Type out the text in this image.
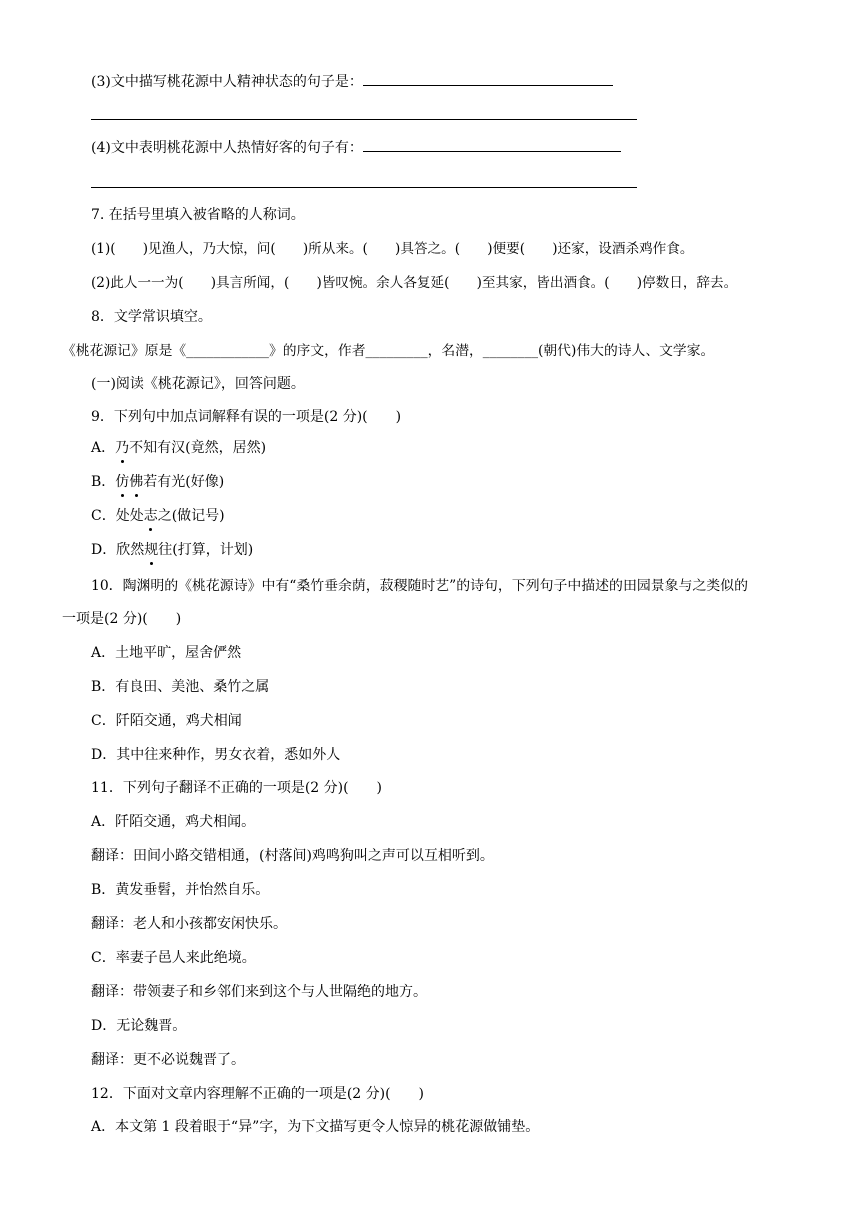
(3)文中描写桃花源中人精神状态的句子是：
(4)文中表明桃花源中人热情好客的句子有：
7. 在括号里填入被省略的人称词。
(1)(　　)见渔人，乃大惊，问(　　)所从来。(　　)具答之。(　　)便要(　　)还家，设酒杀鸡作食。
(2)此人一一为(　　)具言所闻，(　　)皆叹惋。余人各复延(　　)至其家，皆出酒食。(　　)停数日，辞去。
8．文学常识填空。
《桃花源记》原是《____________》的序文，作者_________，名潜，________(朝代)伟大的诗人、文学家。
(一)阅读《桃花源记》，回答问题。
9．下列句中加点词解释有误的一项是(2 分)(　　)
A．乃不知有汉(竟然，居然)
B．仿佛若有光(好像)
C．处处志之(做记号)
D．欣然规往(打算，计划)
10．陶渊明的《桃花源诗》中有“桑竹垂余荫，菽稷随时艺”的诗句，下列句子中描述的田园景象与之类似的
一项是(2 分)(　　)
A．土地平旷，屋舍俨然
B．有良田、美池、桑竹之属
C．阡陌交通，鸡犬相闻
D．其中往来种作，男女衣着，悉如外人
11．下列句子翻译不正确的一项是(2 分)(　　)
A．阡陌交通，鸡犬相闻。
翻译：田间小路交错相通，(村落间)鸡鸣狗叫之声可以互相听到。
B．黄发垂髫，并怡然自乐。
翻译：老人和小孩都安闲快乐。
C．率妻子邑人来此绝境。
翻译：带领妻子和乡邻们来到这个与人世隔绝的地方。
D．无论魏晋。
翻译：更不必说魏晋了。
12．下面对文章内容理解不正确的一项是(2 分)(　　)
A．本文第 1 段着眼于“异”字，为下文描写更令人惊异的桃花源做铺垫。
